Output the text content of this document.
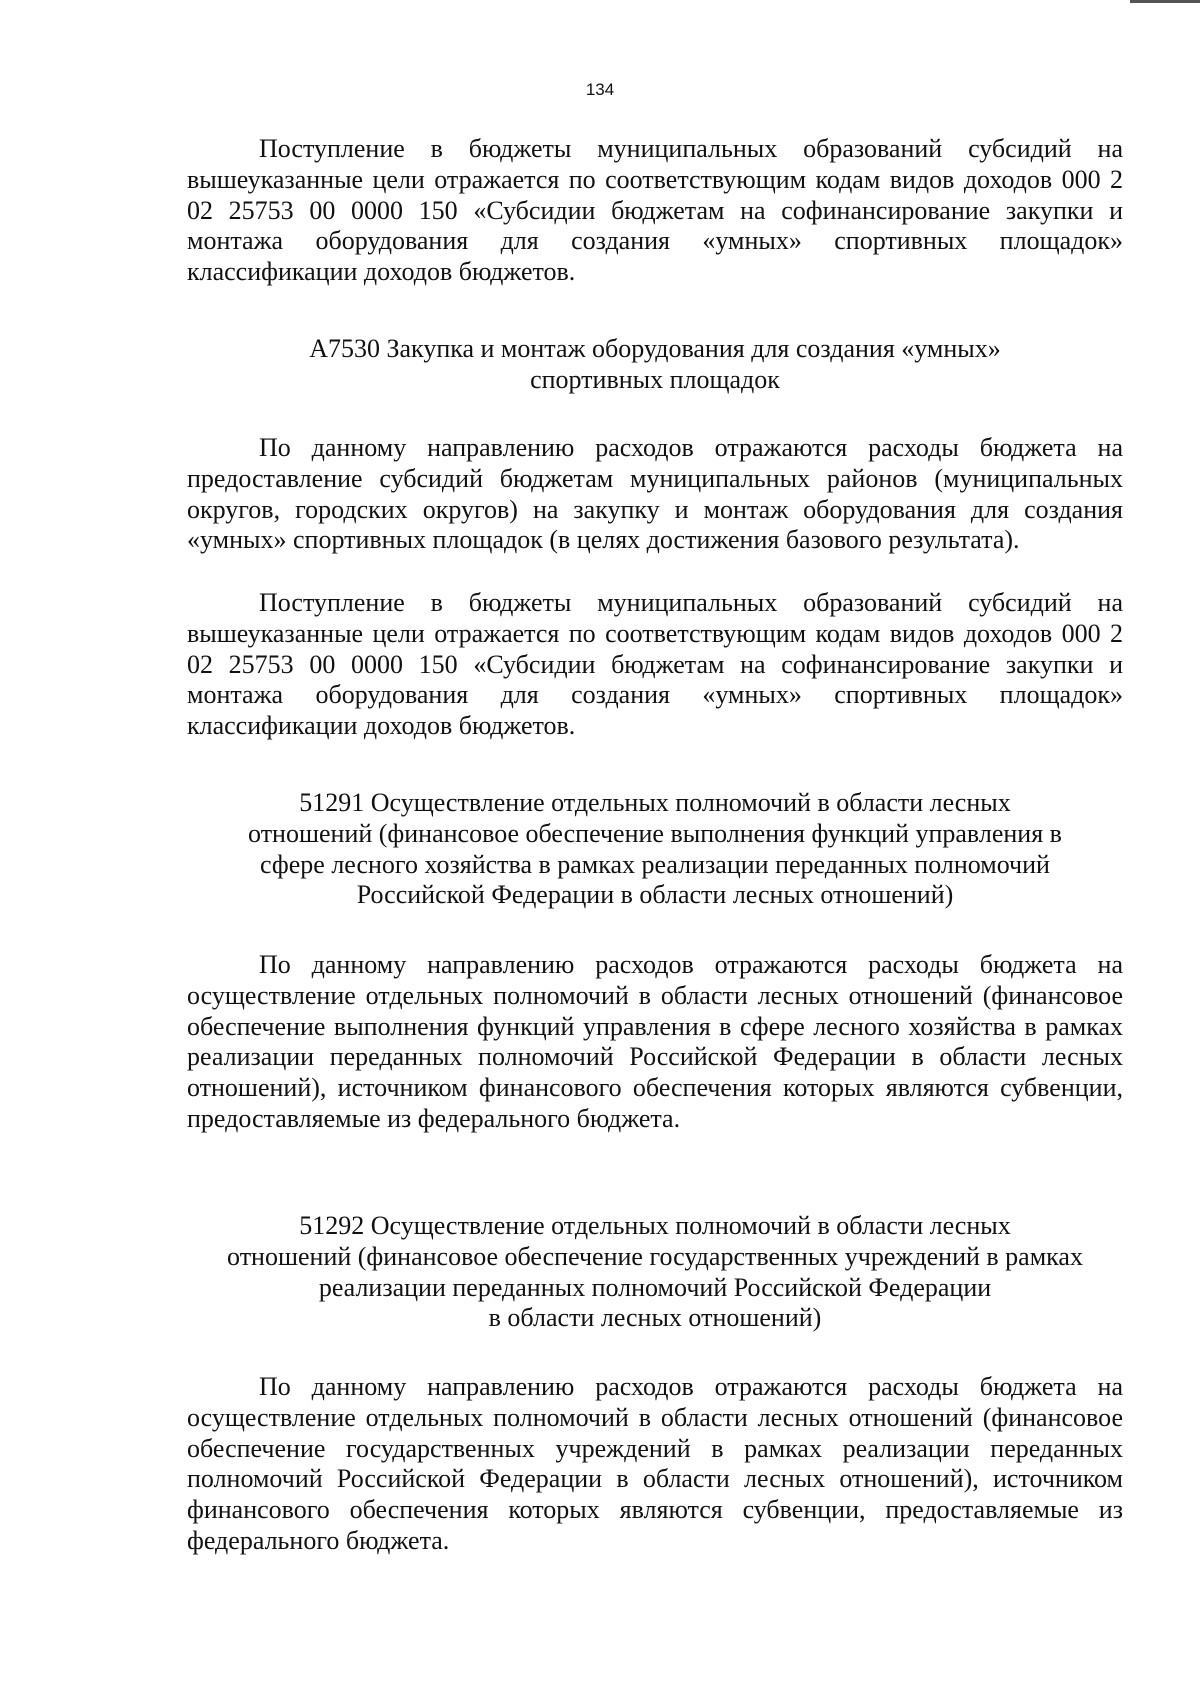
134

Поступление в бюджеты муниципальных образований субсидий на вышеуказанные цели отражается по соответствующим кодам видов доходов 000 2 02 25753 00 0000 150 «Субсидии бюджетам на софинансирование закупки и монтажа оборудования для создания «умных» спортивных площадок» классификации доходов бюджетов.

А7530 Закупка и монтаж оборудования для создания «умных»

спортивных площадок

По данному направлению расходов отражаются расходы бюджета на предоставление субсидий бюджетам муниципальных районов (муниципальных округов, городских округов) на закупку и монтаж оборудования для создания «умных» спортивных площадок (в целях достижения базового результата).

Поступление в бюджеты муниципальных образований субсидий на вышеуказанные цели отражается по соответствующим кодам видов доходов 000 2 02 25753 00 0000 150 «Субсидии бюджетам на софинансирование закупки и монтажа оборудования для создания «умных» спортивных площадок» классификации доходов бюджетов.

51291 Осуществление отдельных полномочий в области лесных

отношений (финансовое обеспечение выполнения функций управления в

сфере лесного хозяйства в рамках реализации переданных полномочий

Российской Федерации в области лесных отношений)

По данному направлению расходов отражаются расходы бюджета на осуществление отдельных полномочий в области лесных отношений (финансовое обеспечение выполнения функций управления в сфере лесного хозяйства в рамках реализации переданных полномочий Российской Федерации в области лесных отношений), источником финансового обеспечения которых являются субвенции, предоставляемые из федерального бюджета.

51292 Осуществление отдельных полномочий в области лесных

отношений (финансовое обеспечение государственных учреждений в рамках

реализации переданных полномочий Российской Федерации

в области лесных отношений)

По данному направлению расходов отражаются расходы бюджета на осуществление отдельных полномочий в области лесных отношений (финансовое обеспечение государственных учреждений в рамках реализации переданных полномочий Российской Федерации в области лесных отношений), источником финансового обеспечения которых являются субвенции, предоставляемые из федерального бюджета.
